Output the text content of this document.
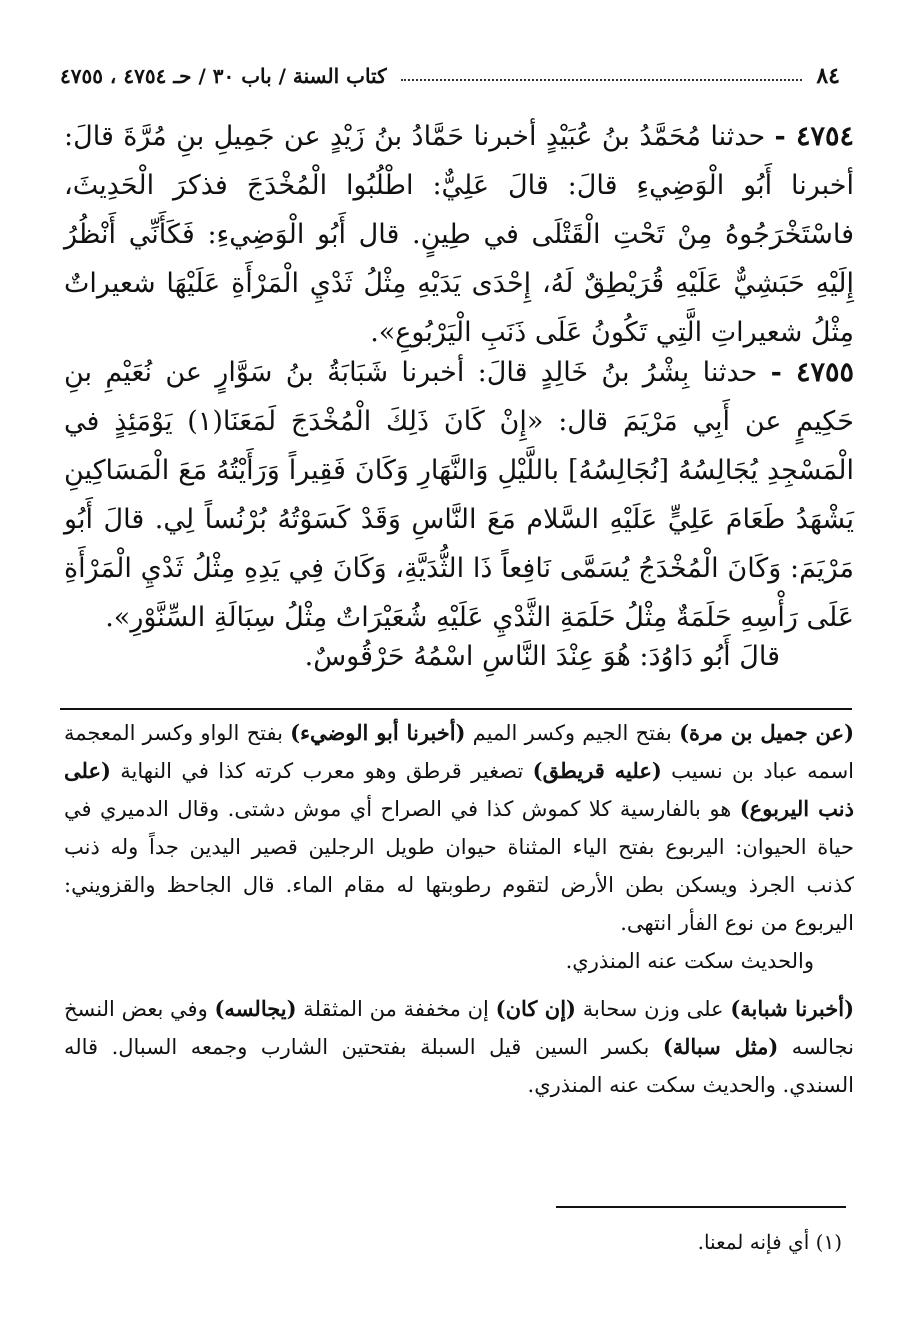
٨٤
كتاب السنة / باب ٣٠ / حـ ٤٧٥٤ ، ٤٧٥٥
٤٧٥٤ - حدثنا مُحَمَّدُ بنُ عُبَيْدٍ أخبرنا حَمَّادُ بنُ زَيْدٍ عن جَمِيلِ بنِ مُرَّةَ قالَ: أخبرنا أَبُو الْوَضِيءِ قالَ: قالَ عَلِيٌّ: اطْلُبُوا الْمُخْدَجَ فذكرَ الْحَدِيثَ، فاسْتَخْرَجُوهُ مِنْ تَحْتِ الْقَتْلَى في طِينٍ. قال أَبُو الْوَضِيءِ: فَكَأَنِّي أَنْظُرُ إِلَيْهِ حَبَشِيٌّ عَلَيْهِ قُرَيْطِقٌ لَهُ، إِحْدَى يَدَيْهِ مِثْلُ ثَدْيِ الْمَرْأَةِ عَلَيْهَا شعيراتٌ مِثْلُ شعيراتِ الَّتِي تَكُونُ عَلَى ذَنَبِ الْيَرْبُوعِ».
٤٧٥٥ - حدثنا بِشْرُ بنُ خَالِدٍ قالَ: أخبرنا شَبَابَةُ بنُ سَوَّارٍ عن نُعَيْمِ بنِ حَكِيمٍ عن أَبِي مَرْيَمَ قال: «إِنْ كَانَ ذَلِكَ الْمُخْدَجَ لَمَعَنَا(١) يَوْمَئِذٍ في الْمَسْجِدِ يُجَالِسُهُ [نُجَالِسُهُ] باللَّيْلِ وَالنَّهَارِ وَكَانَ فَقِيراً وَرَأَيْتُهُ مَعَ الْمَسَاكِينِ يَشْهَدُ طَعَامَ عَلِيٍّ عَلَيْهِ السَّلام مَعَ النَّاسِ وَقَدْ كَسَوْتُهُ بُرْنُساً لِي. قالَ أَبُو مَرْيَمَ: وَكَانَ الْمُخْدَجُ يُسَمَّى نَافِعاً ذَا الثُّدَيَّةِ، وَكَانَ فِي يَدِهِ مِثْلُ ثَدْيِ الْمَرْأَةِ عَلَى رَأْسِهِ حَلَمَةٌ مِثْلُ حَلَمَةِ الثَّدْيِ عَلَيْهِ شُعَيْرَاتٌ مِثْلُ سِبَالَةِ السِّنَّوْرِ».
قالَ أَبُو دَاوُدَ: هُوَ عِنْدَ النَّاسِ اسْمُهُ حَرْقُوسٌ.
(عن جميل بن مرة) بفتح الجيم وكسر الميم (أخبرنا أبو الوضيء) بفتح الواو وكسر المعجمة اسمه عباد بن نسيب (عليه قريطق) تصغير قرطق وهو معرب كرته كذا في النهاية (على ذنب اليربوع) هو بالفارسية كلا كموش كذا في الصراح أي موش دشتى. وقال الدميري في حياة الحيوان: اليربوع بفتح الياء المثناة حيوان طويل الرجلين قصير اليدين جداً وله ذنب كذنب الجرذ ويسكن بطن الأرض لتقوم رطوبتها له مقام الماء. قال الجاحظ والقزويني: اليربوع من نوع الفأر انتهى.
والحديث سكت عنه المنذري.
(أخبرنا شبابة) على وزن سحابة (إن كان) إن مخففة من المثقلة (يجالسه) وفي بعض النسخ نجالسه (مثل سبالة) بكسر السين قيل السبلة بفتحتين الشارب وجمعه السبال. قاله السندي. والحديث سكت عنه المنذري.
(١) أي فإنه لمعنا.
